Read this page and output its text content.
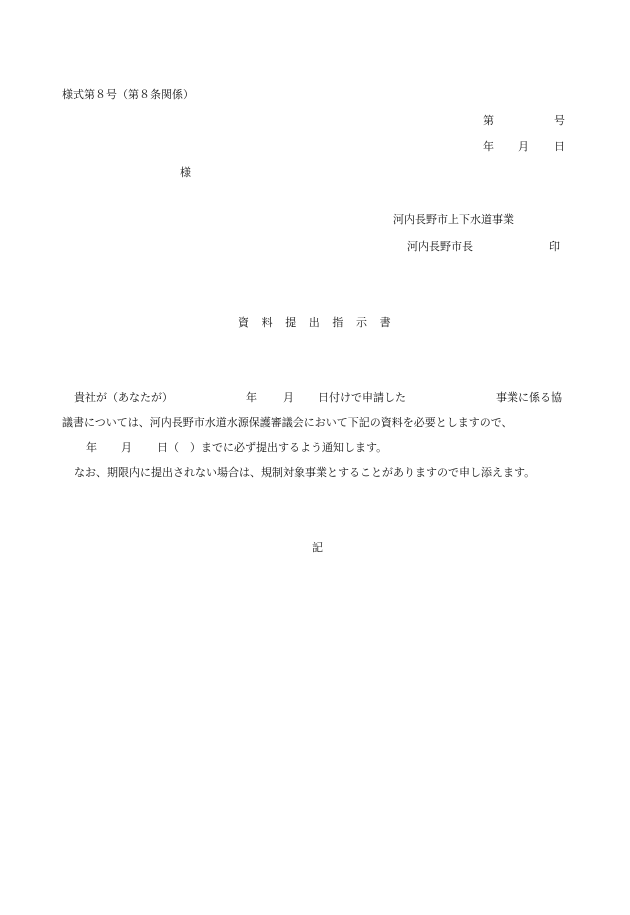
様式第８号（第８条関係）
第	号
年 月 日
様
河内長野市上下水道事業
河内長野市長	印
資　料　提　出　指　示　書
貴社が（あなたが）	年 月 日付けで申請した	事業に係る協
議書については、河内長野市水道水源保護審議会において下記の資料を必要としますので、
年 月 日（　）までに必ず提出するよう通知します。
なお、期限内に提出されない場合は、規制対象事業とすることがありますので申し添えます。
記
